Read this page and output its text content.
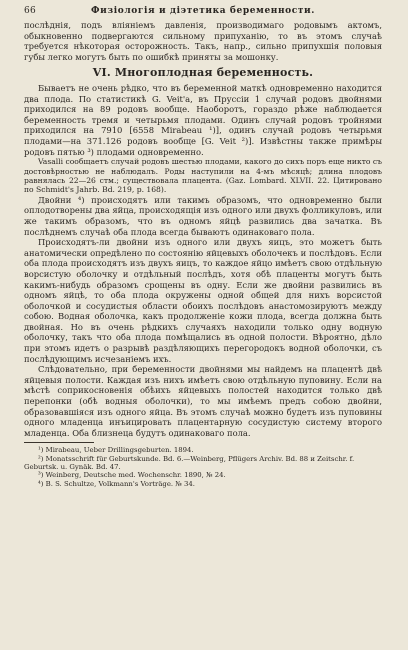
66	Физіологія и діэтетика беременности.

послѣднія, подъ вліяніемъ давленія, производимаго родовымъ актомъ, обыкновенно подвергаются сильному припуханію, то въ этомъ случаѣ требуется нѣкоторая осторожность. Такъ, напр., сильно припухшія половыя губы легко могутъ быть по ошибкѣ приняты за мошонку.

VI. Многоплодная беременность.

Бываетъ не очень рѣдко, что въ беременной маткѣ одновременно находится два плода. По статистикѣ G. Veit'а, въ Пруссіи 1 случай родовъ двойнями приходился на 89 родовъ вообще. Наоборотъ, гораздо рѣже наблюдается беременность тремя и четырьмя плодами. Одинъ случай родовъ тройнями приходился на 7910 [6558 Mirabeau ¹)], одинъ случай родовъ четырьмя плодами—на 371.126 родовъ вообще [G. Veit ²)]. Извѣстны также примѣры родовъ пятью ³) плодами одновременно.

Vasalli сообщаетъ случай родовъ шестью плодами, какого до сихъ поръ еще никто съ достовѣрностью не наблюдалъ. Роды наступили на 4-мъ мѣсяцѣ; длина плодовъ равнялась 22—26 стм.; существовала плацента. (Gaz. Lombard. XLVII. 22. Цитировано по Schmidt's Jahrb. Bd. 219, р. 168).

Двойни ⁴) происходятъ или такимъ образомъ, что одновременно были оплодотворены два яйца, происходящія изъ одного или двухъ фолликуловъ, или же такимъ образомъ, что въ одномъ яйцѣ развились два зачатка. Въ послѣднемъ случаѣ оба плода всегда бываютъ одинаковаго пола.

Происходятъ-ли двойни изъ одного или двухъ яицъ, это можетъ быть анатомически опредѣлено по состоянію яйцевыхъ оболочекъ и послѣдовъ. Если оба плода происходятъ изъ двухъ яицъ, то каждое яйцо имѣетъ свою отдѣльную ворсистую оболочку и отдѣльный послѣдъ, хотя обѣ плаценты могутъ быть какимъ-нибудь образомъ срощены въ одну. Если же двойни развились въ одномъ яйцѣ, то оба плода окружены одной общей для нихъ ворсистой оболочкой и сосудистыя области обоихъ послѣдовъ анастомозируютъ между собою. Водная оболочка, какъ продолженіе кожи плода, всегда должна быть двойная. Но въ очень рѣдкихъ случаяхъ находили только одну водную оболочку, такъ что оба плода помѣщались въ одной полости. Вѣроятно, дѣло при этомъ идетъ о разрывѣ раздѣляющихъ перегородокъ водной оболочки, съ послѣдующимъ исчезаніемъ ихъ.

Слѣдовательно, при беременности двойнями мы найдемъ на плацентѣ двѣ яйцевыя полости. Каждая изъ нихъ имѣетъ свою отдѣльную пуповину. Если на мѣстѣ соприкосновенія обѣихъ яйцевыхъ полостей находится только двѣ перепонки (обѣ водныя оболочки), то мы имѣемъ предъ собою двойни, образовавшіяся изъ одного яйца. Въ этомъ случаѣ можно будетъ изъ пуповины одного младенца инъицировать плацентарную сосудистую систему второго младенца. Оба близнеца будутъ одинаковаго пола.

¹) Mirabeau, Ueber Drillingsgeburten. 1894.

²) Monatsschrift für Geburtskunde. Bd. 6.—Weinberg, Pflügers Archiv. Bd. 88 и Zeitschr. f. Geburtsk. u. Gynäk. Bd. 47.

³) Weinberg, Deutsche med. Wochenschr. 1890, № 24.

⁴) B. S. Schultze, Volkmann's Vorträge. № 34.
